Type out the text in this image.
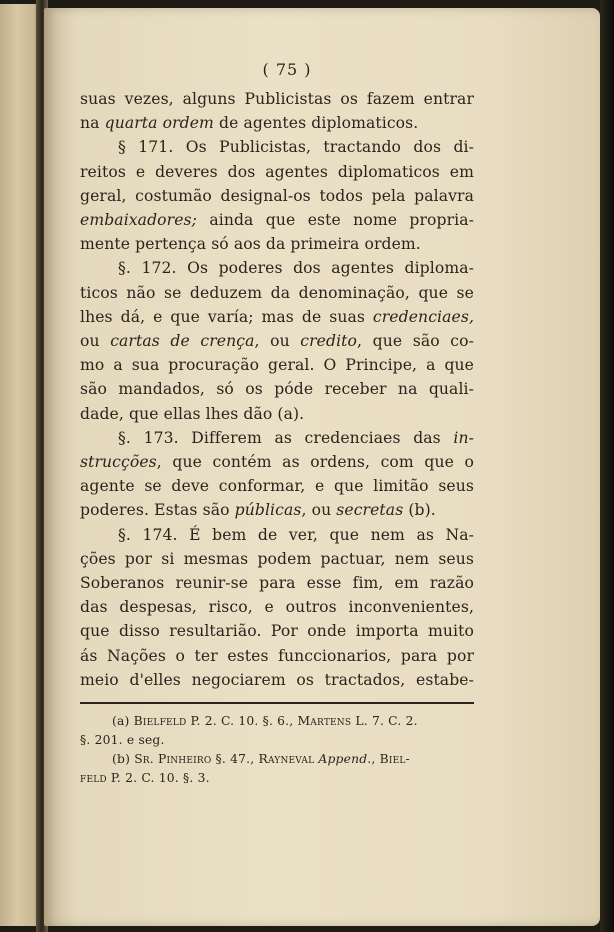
( 75 )
suas vezes, alguns Publicistas os fazem entrar
na quarta ordem de agentes diplomaticos.
§ 171. Os Publicistas, tractando dos di-
reitos e deveres dos agentes diplomaticos em
geral, costumão designal-os todos pela palavra
embaixadores; ainda que este nome propria-
mente pertença só aos da primeira ordem.
§. 172. Os poderes dos agentes diploma-
ticos não se deduzem da denominação, que se
lhes dá, e que varía; mas de suas credenciaes,
ou cartas de crença, ou credito, que são co-
mo a sua procuração geral. O Principe, a que
são mandados, só os póde receber na quali-
dade, que ellas lhes dão (a).
§. 173. Differem as credenciaes das in-
strucções, que contém as ordens, com que o
agente se deve conformar, e que limitão seus
poderes. Estas são públicas, ou secretas (b).
§. 174. É bem de ver, que nem as Na-
ções por si mesmas podem pactuar, nem seus
Soberanos reunir-se para esse fim, em razão
das despesas, risco, e outros inconvenientes,
que disso resultarião. Por onde importa muito
ás Nações o ter estes funccionarios, para por
meio d'elles negociarem os tractados, estabe-
(a) Bielfeld P. 2. C. 10. §. 6., Martens L. 7. C. 2.
§. 201. e seg.
(b) Sr. Pinheiro §. 47., Rayneval Append., Biel-
feld P. 2. C. 10. §. 3.
